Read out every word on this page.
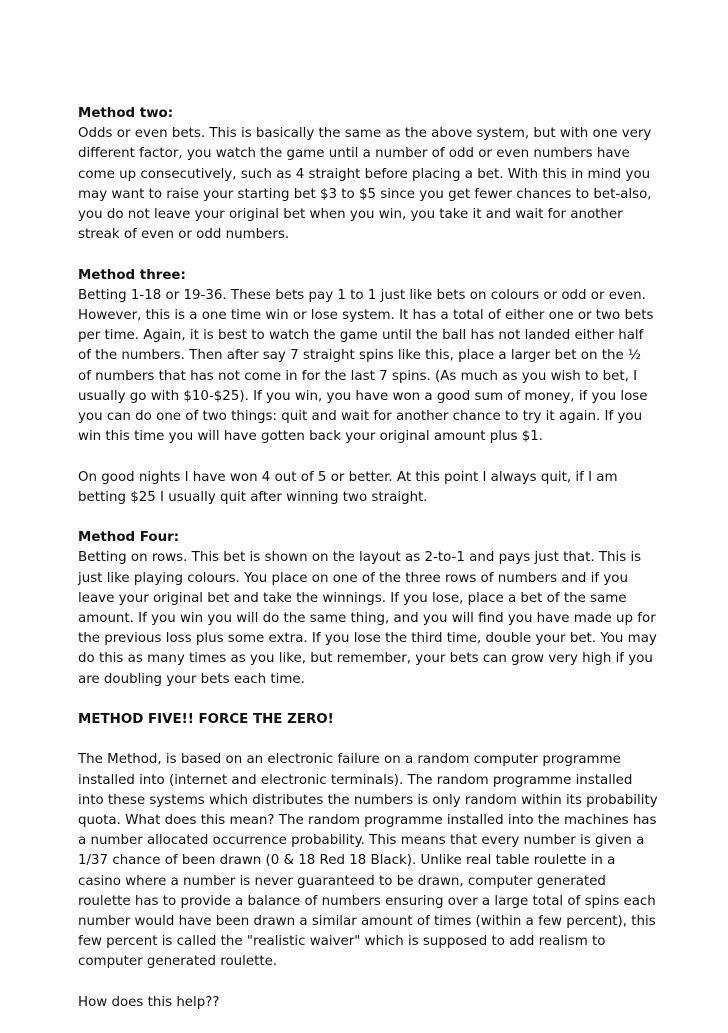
Method two:

Odds or even bets. This is basically the same as the above system, but with one very different factor, you watch the game until a number of odd or even numbers have come up consecutively, such as 4 straight before placing a bet. With this in mind you may want to raise your starting bet $3 to $5 since you get fewer chances to bet-also, you do not leave your original bet when you win, you take it and wait for another streak of even or odd numbers.

Method three:

Betting 1-18 or 19-36. These bets pay 1 to 1 just like bets on colours or odd or even. However, this is a one time win or lose system. It has a total of either one or two bets per time. Again, it is best to watch the game until the ball has not landed either half of the numbers. Then after say 7 straight spins like this, place a larger bet on the ½ of numbers that has not come in for the last 7 spins. (As much as you wish to bet, I usually go with $10-$25). If you win, you have won a good sum of money, if you lose you can do one of two things: quit and wait for another chance to try it again. If you win this time you will have gotten back your original amount plus $1.

On good nights I have won 4 out of 5 or better. At this point I always quit, if I am betting $25 I usually quit after winning two straight.

Method Four:

Betting on rows. This bet is shown on the layout as 2-to-1 and pays just that. This is just like playing colours. You place on one of the three rows of numbers and if you leave your original bet and take the winnings. If you lose, place a bet of the same amount. If you win you will do the same thing, and you will find you have made up for the previous loss plus some extra. If you lose the third time, double your bet. You may do this as many times as you like, but remember, your bets can grow very high if you are doubling your bets each time.

METHOD FIVE!! FORCE THE ZERO!

The Method, is based on an electronic failure on a random computer programme installed into (internet and electronic terminals). The random programme installed into these systems which distributes the numbers is only random within its probability quota. What does this mean? The random programme installed into the machines has a number allocated occurrence probability. This means that every number is given a 1/37 chance of been drawn (0 & 18 Red 18 Black). Unlike real table roulette in a casino where a number is never guaranteed to be drawn, computer generated roulette has to provide a balance of numbers ensuring over a large total of spins each number would have been drawn a similar amount of times (within a few percent), this few percent is called the "realistic waiver" which is supposed to add realism to computer generated roulette.

How does this help??
